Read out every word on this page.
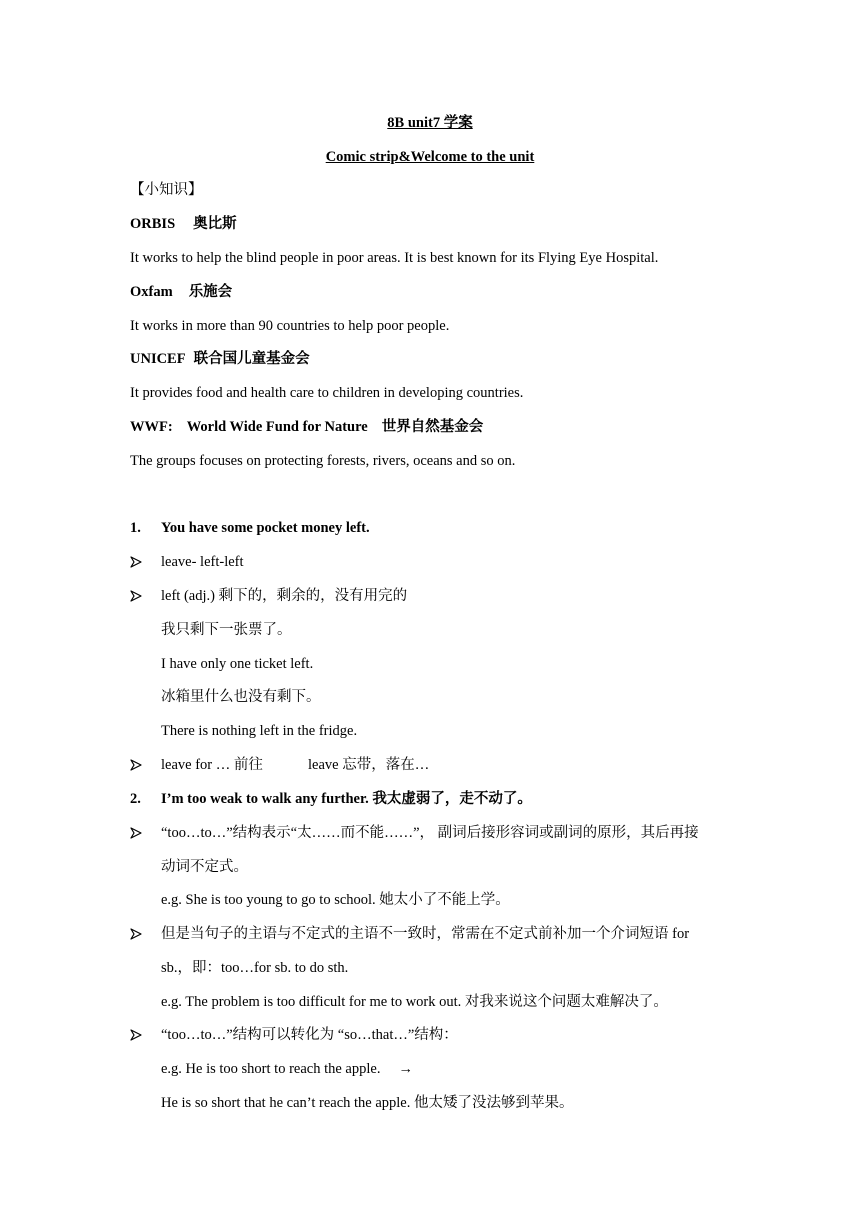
8B unit7 学案
Comic strip&Welcome to the unit
【小知识】
ORBIS 奥比斯
It works to help the blind people in poor areas. It is best known for its Flying Eye Hospital.
Oxfam 乐施会
It works in more than 90 countries to help poor people.
UNICEF 联合国儿童基金会
It provides food and health care to children in developing countries.
WWF: World Wide Fund for Nature 世界自然基金会
The groups focuses on protecting forests, rivers, oceans and so on.
1. You have some pocket money left.
leave- left-left
left (adj.) 剩下的，剩余的，没有用完的
我只剩下一张票了。
I have only one ticket left.
冰箱里什么也没有剩下。
There is nothing left in the fridge.
leave for … 前往	leave 忘带，落在…
2. I’m too weak to walk any further. 我太虚弱了，走不动了。
“too…to…”结构表示“太……而不能……”， 副词后接形容词或副词的原形，其后再接
动词不定式。
e.g. She is too young to go to school. 她太小了不能上学。
但是当句子的主语与不定式的主语不一致时，常需在不定式前补加一个介词短语 for
sb.，即：too…for sb. to do sth.
e.g. The problem is too difficult for me to work out. 对我来说这个问题太难解决了。
“too…to…”结构可以转化为 “so…that…”结构：
e.g. He is too short to reach the apple. →
He is so short that he can’t reach the apple. 他太矮了没法够到苹果。
